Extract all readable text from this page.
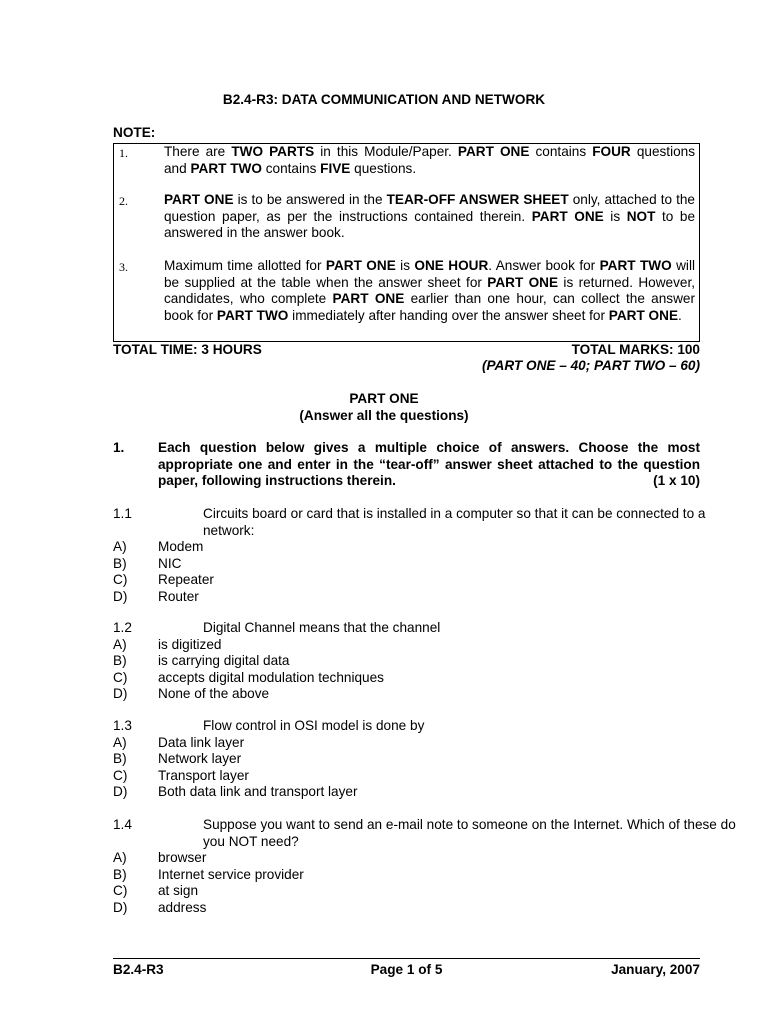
B2.4-R3: DATA COMMUNICATION AND NETWORK
NOTE:
1.	There are TWO PARTS in this Module/Paper. PART ONE contains FOUR questions and PART TWO contains FIVE questions.
2.	PART ONE is to be answered in the TEAR-OFF ANSWER SHEET only, attached to the question paper, as per the instructions contained therein. PART ONE is NOT to be answered in the answer book.
3.	Maximum time allotted for PART ONE is ONE HOUR. Answer book for PART TWO will be supplied at the table when the answer sheet for PART ONE is returned. However, candidates, who complete PART ONE earlier than one hour, can collect the answer book for PART TWO immediately after handing over the answer sheet for PART ONE.
TOTAL TIME: 3 HOURS	TOTAL MARKS: 100
(PART ONE – 40; PART TWO – 60)
PART ONE
(Answer all the questions)
1. Each question below gives a multiple choice of answers. Choose the most appropriate one and enter in the “tear-off” answer sheet attached to the question paper, following instructions therein.	(1 x 10)
1.1	Circuits board or card that is installed in a computer so that it can be connected to a network:
A) Modem
B) NIC
C) Repeater
D) Router
1.2	Digital Channel means that the channel
A) is digitized
B) is carrying digital data
C) accepts digital modulation techniques
D) None of the above
1.3	Flow control in OSI model is done by
A) Data link layer
B) Network layer
C) Transport layer
D) Both data link and transport layer
1.4	Suppose you want to send an e-mail note to someone on the Internet. Which of these do you NOT need?
A) browser
B) Internet service provider
C) at sign
D) address
B2.4-R3	Page 1 of 5	January, 2007
